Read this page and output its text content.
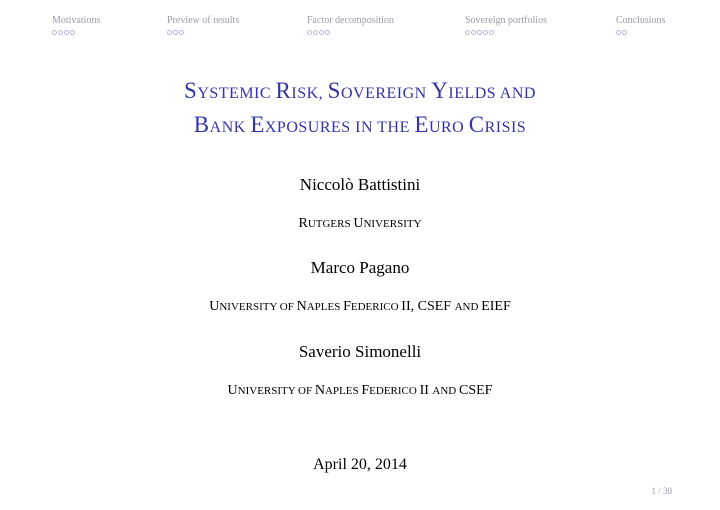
Motivations	Preview of results	Factor decomposition	Sovereign portfolios	Conclusions
SYSTEMIC RISK, SOVEREIGN YIELDS AND
BANK EXPOSURES IN THE EURO CRISIS
Niccolò Battistini
RUTGERS UNIVERSITY
Marco Pagano
UNIVERSITY OF NAPLES FEDERICO II, CSEF AND EIEF
Saverio Simonelli
UNIVERSITY OF NAPLES FEDERICO II AND CSEF
April 20, 2014
1 / 30
